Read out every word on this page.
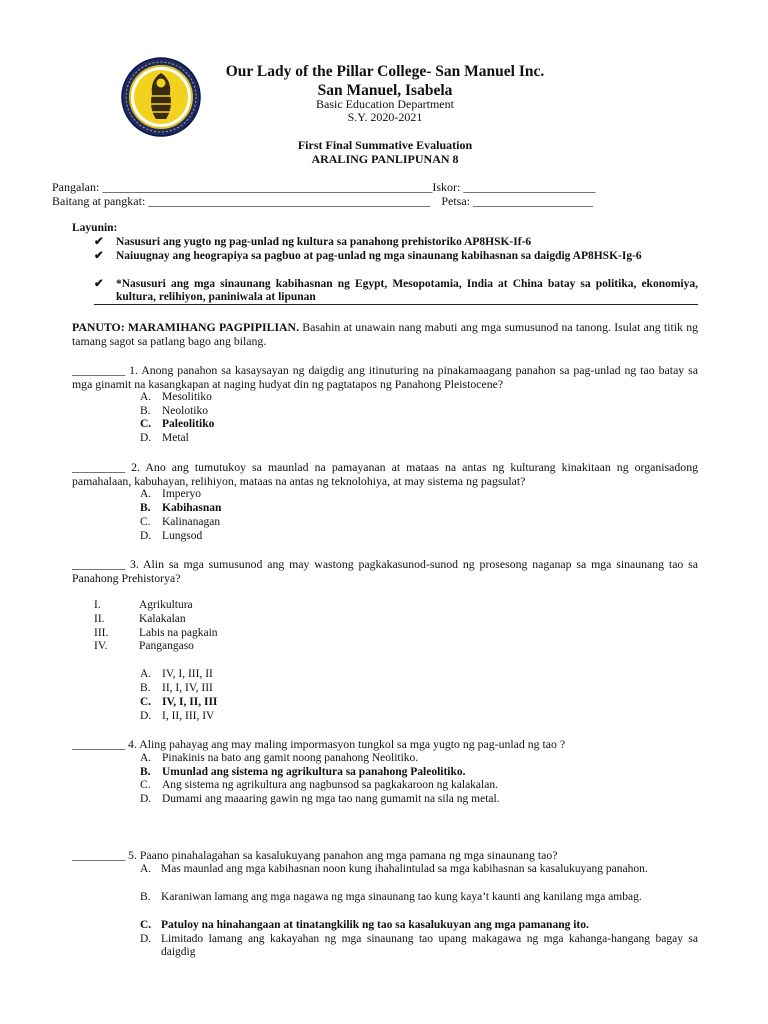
Our Lady of the Pillar College- San Manuel Inc.
San Manuel, Isabela
Basic Education Department
S.Y. 2020-2021
First Final Summative Evaluation
ARALING PANLIPUNAN 8
Pangalan: _______________________________________________________Iskor: ______________________
Baitang at pangkat: _______________________________________________ Petsa: ____________________
Layunin:
✔ Nasusuri ang yugto ng pag-unlad ng kultura sa panahong prehistoriko AP8HSK-If-6
✔ Naiuugnay ang heograpiya sa pagbuo at pag-unlad ng mga sinaunang kabihasnan sa daigdig AP8HSK-Ig-6
✔ *Nasusuri ang mga sinaunang kabihasnan ng Egypt, Mesopotamia, India at China batay sa politika, ekonomiya, kultura, relihiyon, paniniwala at lipunan
PANUTO: MARAMIHANG PAGPIPILIAN. Basahin at unawain nang mabuti ang mga sumusunod na tanong. Isulat ang titik ng tamang sagot sa patlang bago ang bilang.
_________ 1. Anong panahon sa kasaysayan ng daigdig ang itinuturing na pinakamaagang panahon sa pag-unlad ng tao batay sa mga ginamit na kasangkapan at naging hudyat din ng pagtatapos ng Panahong Pleistocene?
A. Mesolitiko
B. Neolotiko
C. Paleolitiko
D. Metal
_________ 2. Ano ang tumutukoy sa maunlad na pamayanan at mataas na antas ng kulturang kinakitaan ng organisadong pamahalaan, kabuhayan, relihiyon, mataas na antas ng teknolohiya, at may sistema ng pagsulat?
A. Imperyo
B. Kabihasnan
C. Kalinanagan
D. Lungsod
_________ 3. Alin sa mga sumusunod ang may wastong pagkakasunod-sunod ng prosesong naganap sa mga sinaunang tao sa Panahong Prehistorya?
I.	Agrikultura
II.	Kalakalan
III.	Labis na pagkain
IV.	Pangangaso
A. IV, I, III, II
B. II, I, IV, III
C. IV, I, II, III
D. I, II, III, IV
_________ 4. Aling pahayag ang may maling impormasyon tungkol sa mga yugto ng pag-unlad ng tao ?
A. Pinakinis na bato ang gamit noong panahong Neolitiko.
B. Umunlad ang sistema ng agrikultura sa panahong Paleolitiko.
C. Ang sistema ng agrikultura ang nagbunsod sa pagkakaroon ng kalakalan.
D. Dumami ang maaaring gawin ng mga tao nang gumamit na sila ng metal.
_________ 5. Paano pinahalagahan sa kasalukuyang panahon ang mga pamana ng mga sinaunang tao?
A. Mas maunlad ang mga kabihasnan noon kung ihahalintulad sa mga kabihasnan sa kasalukuyang panahon.
B. Karaniwan lamang ang mga nagawa ng mga sinaunang tao kung kaya’t kaunti ang kanilang mga ambag.
C. Patuloy na hinahangaan at tinatangkilik ng tao sa kasalukuyan ang mga pamanang ito.
D. Limitado lamang ang kakayahan ng mga sinaunang tao upang makagawa ng mga kahanga-hangang bagay sa daigdig
